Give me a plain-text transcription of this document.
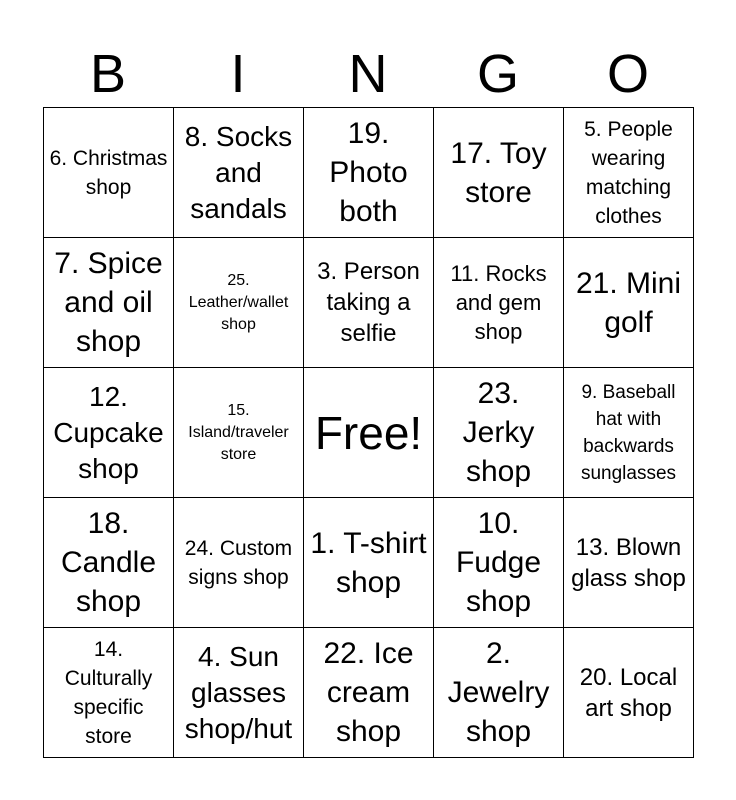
B	I	N	G	O
6. Christmas shop	8. Socks and sandals	19. Photo both	17. Toy store	5. People wearing matching clothes

7. Spice and oil shop	25. Leather/wallet shop	3. Person taking a selfie	11. Rocks and gem shop	21. Mini golf

12. Cupcake shop	15. Island/traveler store	Free!	23. Jerky shop	9. Baseball hat with backwards sunglasses

18. Candle shop	24. Custom signs shop	1. T-shirt shop	10. Fudge shop	13. Blown glass shop

14. Culturally specific store	4. Sun glasses shop/hut	22. Ice cream shop	2. Jewelry shop	20. Local art shop
